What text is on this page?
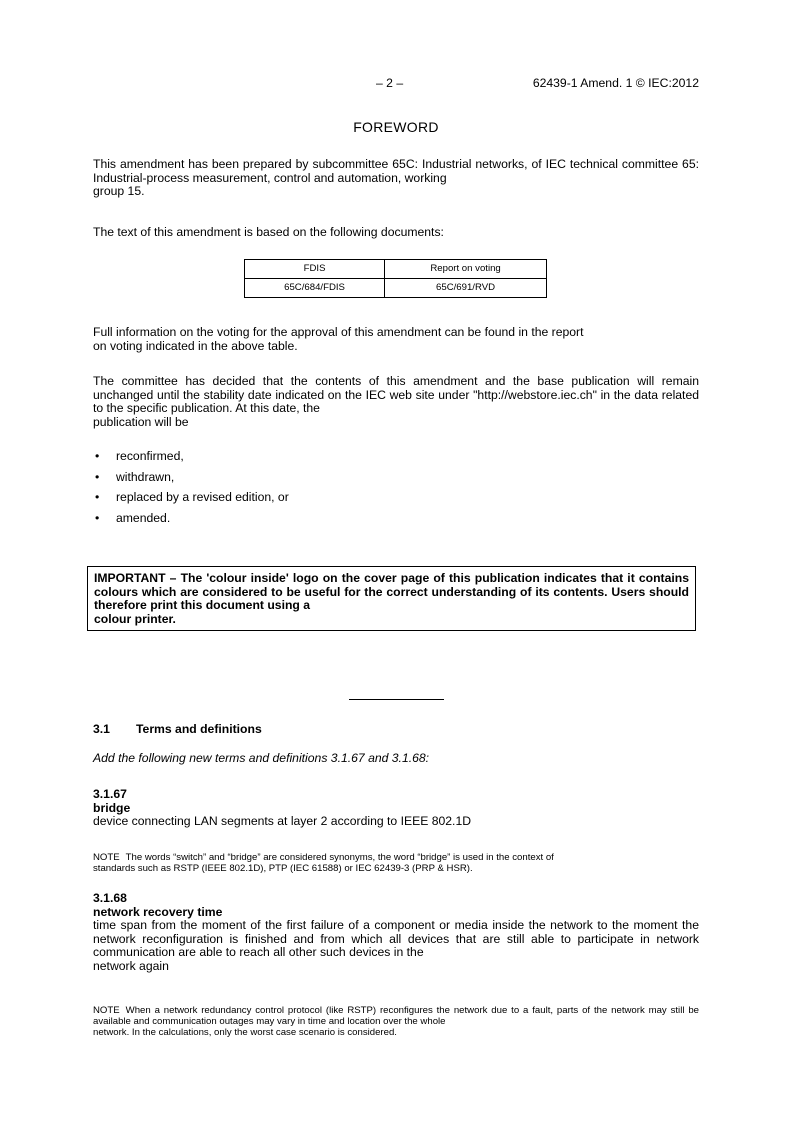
– 2 –	62439-1 Amend. 1 © IEC:2012
FOREWORD
This amendment has been prepared by subcommittee 65C: Industrial networks, of IEC technical committee 65: Industrial-process measurement, control and automation, working
group 15.
The text of this amendment is based on the following documents:
FDIS	Report on voting
65C/684/FDIS	65C/691/RVD
Full information on the voting for the approval of this amendment can be found in the report
on voting indicated in the above table.
The committee has decided that the contents of this amendment and the base publication will remain unchanged until the stability date indicated on the IEC web site under "http://webstore.iec.ch" in the data related to the specific publication. At this date, the
publication will be
• reconfirmed,
• withdrawn,
• replaced by a revised edition, or
• amended.
IMPORTANT – The 'colour inside' logo on the cover page of this publication indicates that it contains colours which are considered to be useful for the correct understanding of its contents. Users should therefore print this document using a
colour printer.
3.1 Terms and definitions
Add the following new terms and definitions 3.1.67 and 3.1.68:
3.1.67
bridge
device connecting LAN segments at layer 2 according to IEEE 802.1D
NOTE The words “switch” and “bridge” are considered synonyms, the word “bridge” is used in the context of
standards such as RSTP (IEEE 802.1D), PTP (IEC 61588) or IEC 62439-3 (PRP & HSR).
3.1.68
network recovery time
time span from the moment of the first failure of a component or media inside the network to the moment the network reconfiguration is finished and from which all devices that are still able to participate in network communication are able to reach all other such devices in the
network again
NOTE When a network redundancy control protocol (like RSTP) reconfigures the network due to a fault, parts of the network may still be available and communication outages may vary in time and location over the whole
network. In the calculations, only the worst case scenario is considered.
